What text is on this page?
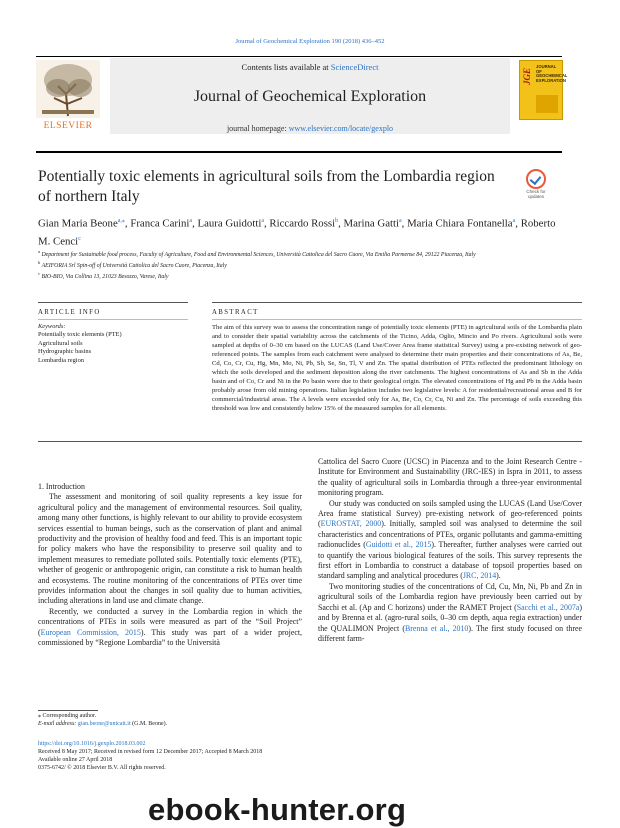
Journal of Geochemical Exploration 190 (2018) 436–452
ELSEVIER
Contents lists available at ScienceDirect
Journal of Geochemical Exploration
journal homepage: www.elsevier.com/locate/gexplo
JGE
JOURNAL OF GEOCHEMICAL EXPLORATION
Potentially toxic elements in agricultural soils from the Lombardia region of northern Italy	Check for updates
Gian Maria Beone$^{a,⁎}$, Franca Carini$^a$, Laura Guidotti$^a$, Riccardo Rossi$^b$, Marina Gatti$^a$, Maria Chiara Fontanella$^a$, Roberto M. Cenci$^c$
$^a$ Department for Sustainable food process, Faculty of Agriculture, Food and Environmental Sciences, Università Cattolica del Sacro Cuore, Via Emilia Parmense 84, 29122 Piacenza, Italy
$^b$ AEIFORIA Srl Spin-off of Università Cattolica del Sacro Cuore, Piacenza, Italy
$^c$ BIO-BIO, Via Collina 13, 21023 Besozzo, Varese, Italy
ARTICLE INFO	ABSTRACT
Keywords:
Potentially toxic elements (PTE)
Agricultural soils
Hydrographic basins
Lombardia region
The aim of this survey was to assess the concentration range of potentially toxic elements (PTE) in agricultural soils of the Lombardia plain and to consider their spatial variability across the catchments of the Ticino, Adda, Oglio, Mincio and Po rivers. Agricultural soils were sampled at depths of 0–30 cm based on the LUCAS (Land Use/Cover Area frame statistical Survey) using a pre-existing network of geo-referenced points. The samples from each catchment were analysed to determine their main properties and their concentrations of As, Be, Cd, Co, Cr, Cu, Hg, Mn, Mo, Ni, Pb, Sb, Se, Sn, Tl, V and Zn. The spatial distribution of PTEs reflected the predominant lithology on which the soils developed and the sediment deposition along the river catchments. The highest concentrations of As and Sb in the Adda basin and of Co, Cr and Ni in the Po basin were due to their geological origin. The elevated concentrations of Hg and Pb in the Adda basin probably arose from old mining operations. Italian legislation includes two legislative levels: A for residential/recreational areas and B for commercial/industrial areas. The A levels were exceeded only for As, Be, Co, Cr, Cu, Ni and Zn. The percentage of soils exceeding this threshold was low and consistently below 15% of the measured samples for all elements.

1. Introduction

The assessment and monitoring of soil quality represents a key issue for agricultural policy and the management of environmental resources. Soil quality, among many other functions, is highly relevant to our ability to provide ecosystem services essential to human beings, such as the conservation of plant and animal productivity and the provision of healthy food and feed. This is an important topic for policy makers who have the responsibility to preserve soil quality and to implement measures to remediate polluted soils. Potentially toxic elements (PTE), whether of geogenic or anthropogenic origin, can constitute a risk to human health and ecosystems. The routine monitoring of the concentrations of PTEs over time provides information about the changes in soil quality due to human activities, including alterations in land use and climate change.

Recently, we conducted a survey in the Lombardia region in which the concentrations of PTEs in soils were measured as part of the “Soil Project” (European Commission, 2015). This study was part of a wider project, commissioned by “Regione Lombardia” to the Università

Cattolica del Sacro Cuore (UCSC) in Piacenza and to the Joint Research Centre - Institute for Environment and Sustainability (JRC-IES) in Ispra in 2011, to assess the quality of agricultural soils in Lombardia through a three-year environmental monitoring program.

Our study was conducted on soils sampled using the LUCAS (Land Use/Cover Area frame statistical Survey) pre-existing network of geo-referenced points (EUROSTAT, 2000). Initially, sampled soil was analysed to determine the soil characteristics and concentrations of PTEs, organic pollutants and gamma-emitting radionuclides (Guidotti et al., 2015). Thereafter, further analyses were carried out to quantify the various biological features of the soils. This survey represents the first effort in Lombardia to construct a database of topsoil properties based on standard sampling and analytical procedures (JRC, 2014).

Two monitoring studies of the concentrations of Cd, Cu, Mn, Ni, Pb and Zn in agricultural soils of the Lombardia region have previously been carried out by Sacchi et al. (Ap and C horizons) under the RAMET Project (Sacchi et al., 2007a) and by Brenna et al. (agro-rural soils, 0–30 cm depth, aqua regia extraction) under the QUALIMON Project (Brenna et al., 2010). The first study focused on three different farm-

⁎ Corresponding author.
E-mail address: gian.beone@unicatt.it (G.M. Beone).
https://doi.org/10.1016/j.gexplo.2018.03.002
Received 8 May 2017; Received in revised form 12 December 2017; Accepted 8 March 2018
Available online 27 April 2018
0375-6742/ © 2018 Elsevier B.V. All rights reserved.
ebook-hunter.org
